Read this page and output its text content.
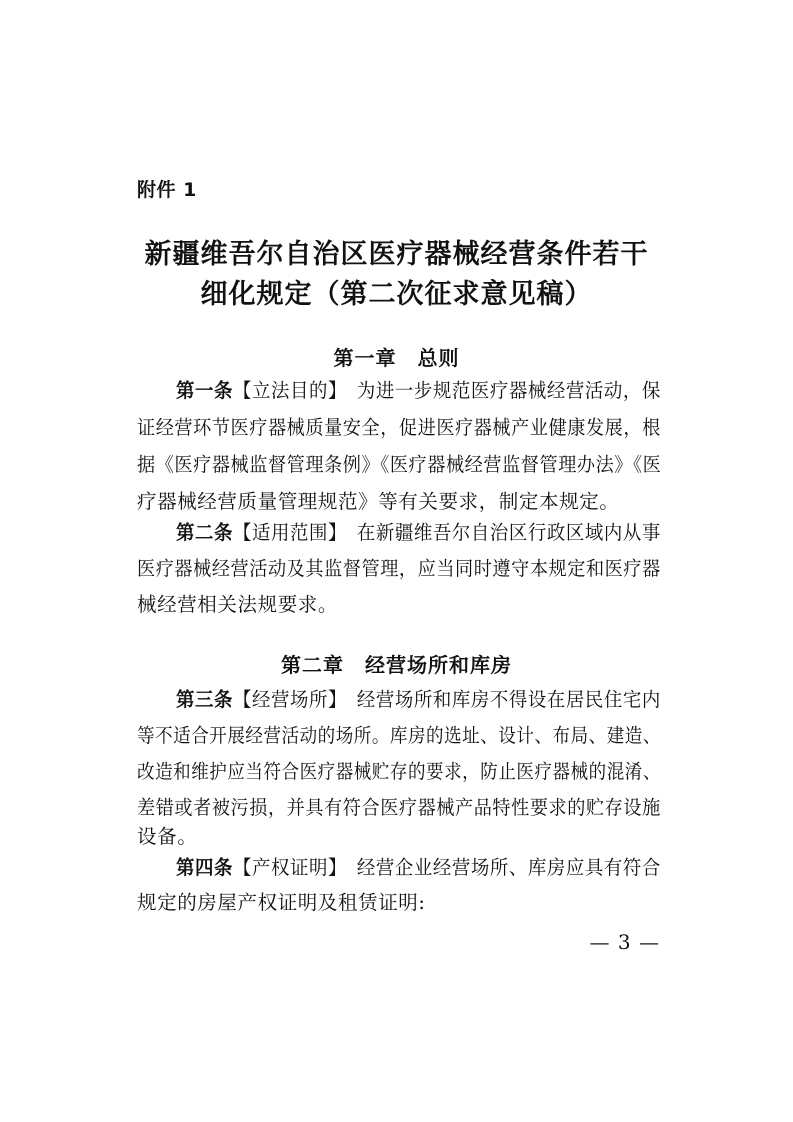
附件 1
新疆维吾尔自治区医疗器械经营条件若干
细化规定（第二次征求意见稿）
第一章　总则
第一条【立法目的】　为进一步规范医疗器械经营活动，保
证经营环节医疗器械质量安全，促进医疗器械产业健康发展，根
据《医疗器械监督管理条例》《医疗器械经营监督管理办法》《医
疗器械经营质量管理规范》等有关要求，制定本规定。
第二条【适用范围】　在新疆维吾尔自治区行政区域内从事
医疗器械经营活动及其监督管理，应当同时遵守本规定和医疗器
械经营相关法规要求。
第二章　经营场所和库房
第三条【经营场所】　经营场所和库房不得设在居民住宅内
等不适合开展经营活动的场所。库房的选址、设计、布局、建造、
改造和维护应当符合医疗器械贮存的要求，防止医疗器械的混淆、
差错或者被污损，并具有符合医疗器械产品特性要求的贮存设施
设备。
第四条【产权证明】　经营企业经营场所、库房应具有符合
规定的房屋产权证明及租赁证明:
— 3 —
